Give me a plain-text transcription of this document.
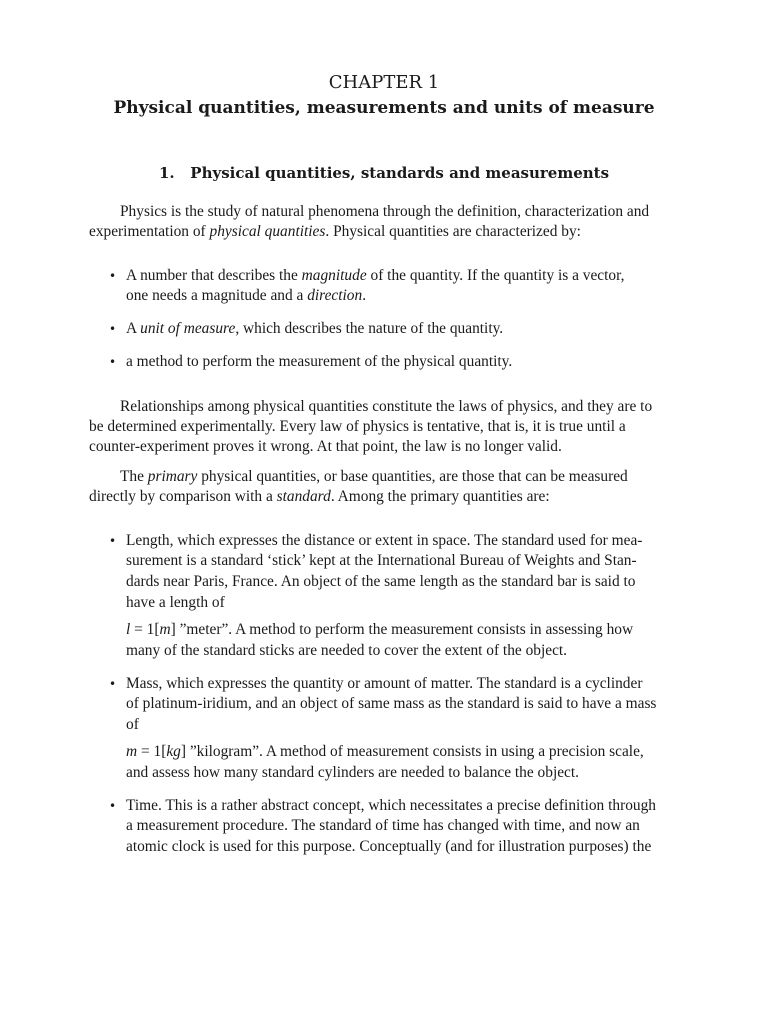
CHAPTER 1
Physical quantities, measurements and units of measure
1. Physical quantities, standards and measurements
Physics is the study of natural phenomena through the definition, characterization and
experimentation of physical quantities. Physical quantities are characterized by:
• A number that describes the magnitude of the quantity. If the quantity is a vector,
one needs a magnitude and a direction.
• A unit of measure, which describes the nature of the quantity.
• a method to perform the measurement of the physical quantity.
Relationships among physical quantities constitute the laws of physics, and they are to
be determined experimentally. Every law of physics is tentative, that is, it is true until a
counter-experiment proves it wrong. At that point, the law is no longer valid.
The primary physical quantities, or base quantities, are those that can be measured
directly by comparison with a standard. Among the primary quantities are:
• Length, which expresses the distance or extent in space. The standard used for mea-
surement is a standard ‘stick’ kept at the International Bureau of Weights and Stan-
dards near Paris, France. An object of the same length as the standard bar is said to
have a length of
l = 1[m] ”meter”. A method to perform the measurement consists in assessing how
many of the standard sticks are needed to cover the extent of the object.
• Mass, which expresses the quantity or amount of matter. The standard is a cyclinder
of platinum-iridium, and an object of same mass as the standard is said to have a mass
of
m = 1[kg] ”kilogram”. A method of measurement consists in using a precision scale,
and assess how many standard cylinders are needed to balance the object.
• Time. This is a rather abstract concept, which necessitates a precise definition through
a measurement procedure. The standard of time has changed with time, and now an
atomic clock is used for this purpose. Conceptually (and for illustration purposes) the
